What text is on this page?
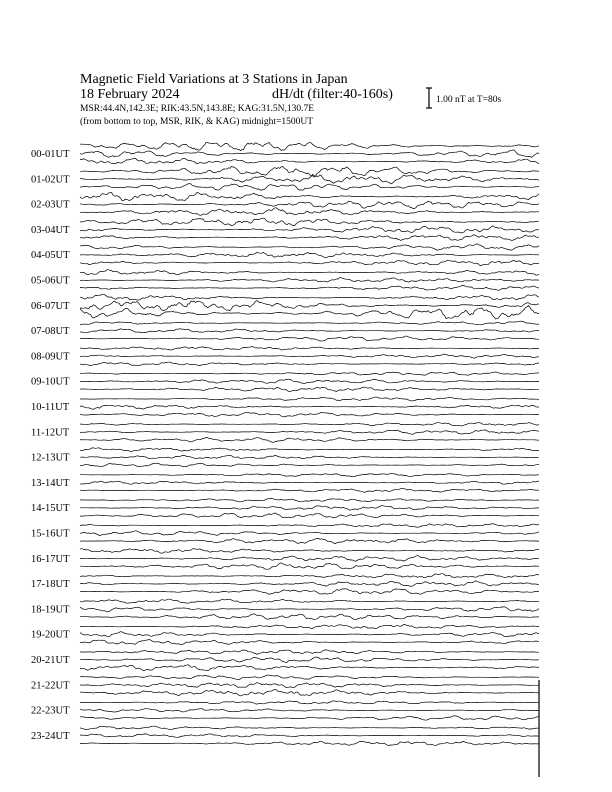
Magnetic Field Variations at 3 Stations in Japan
18 February 2024	dH/dt (filter:40-160s)
MSR:44.4N,142.3E; RIK:43.5N,143.8E; KAG:31.5N,130.7E
(from bottom to top, MSR, RIK, & KAG) midnight=1500UT
1.00 nT at T=80s
00-01UT
01-02UT
02-03UT
03-04UT
04-05UT
05-06UT
06-07UT
07-08UT
08-09UT
09-10UT
10-11UT
11-12UT
12-13UT
13-14UT
14-15UT
15-16UT
16-17UT
17-18UT
18-19UT
19-20UT
20-21UT
21-22UT
22-23UT
23-24UT
